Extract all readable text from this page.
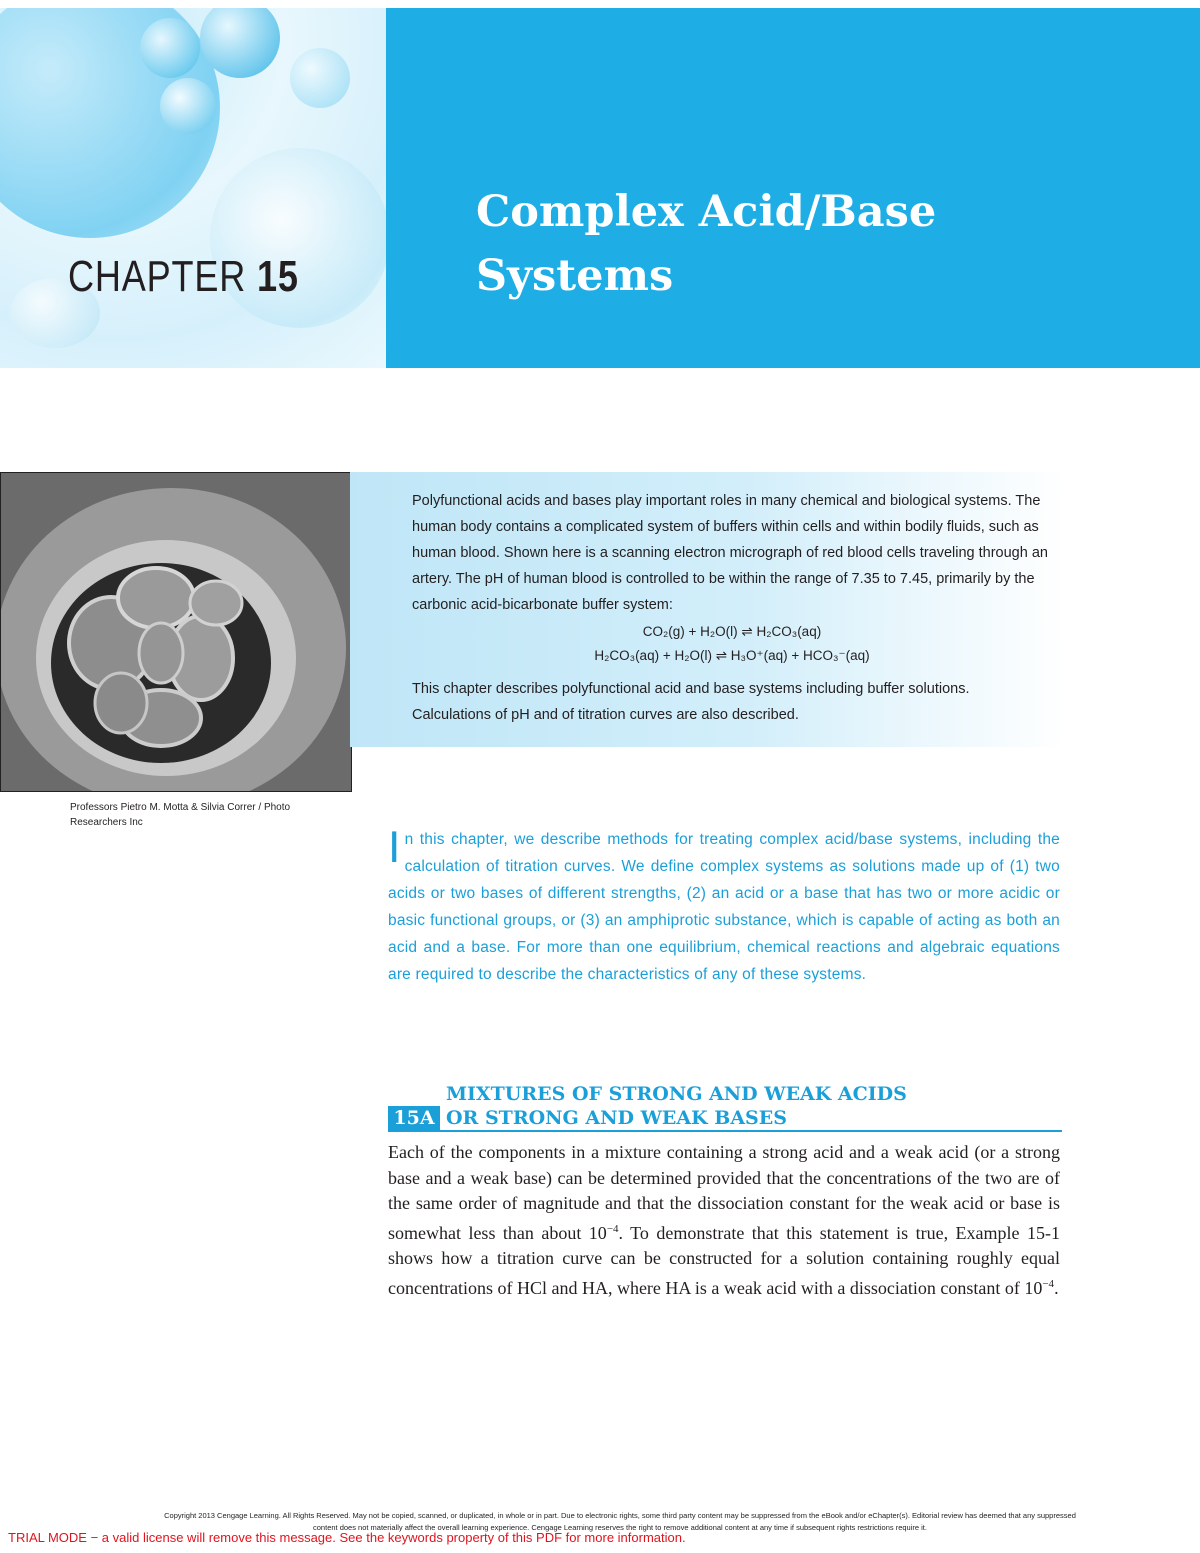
CHAPTER 15
Complex Acid/Base
Systems
Professors Pietro M. Motta & Silvia Correr / Photo Researchers Inc

Polyfunctional acids and bases play important roles in many chemical and biological systems. The human body contains a complicated system of buffers within cells and within bodily fluids, such as human blood. Shown here is a scanning electron micrograph of red blood cells traveling through an artery. The pH of human blood is controlled to be within the range of 7.35 to 7.45, primarily by the carbonic acid-bicarbonate buffer system:

CO₂(g) + H₂O(l) ⇌ H₂CO₃(aq)
H₂CO₃(aq) + H₂O(l) ⇌ H₃O⁺(aq) + HCO₃⁻(aq)

This chapter describes polyfunctional acid and base systems including buffer solutions. Calculations of pH and of titration curves are also described.

I n this chapter, we describe methods for treating complex acid/base systems, including the calculation of titration curves. We define complex systems as solutions made up of (1) two acids or two bases of different strengths, (2) an acid or a base that has two or more acidic or basic functional groups, or (3) an amphiprotic substance, which is capable of acting as both an acid and a base. For more than one equilibrium, chemical reactions and algebraic equations are required to describe the characteristics of any of these systems.
MIXTURES OF STRONG AND WEAK ACIDS
OR STRONG AND WEAK BASES
15A
Each of the components in a mixture containing a strong acid and a weak acid (or a strong base and a weak base) can be determined provided that the concentrations of the two are of the same order of magnitude and that the dissociation constant for the weak acid or base is somewhat less than about $10^{-4}$. To demonstrate that this statement is true, Example 15-1 shows how a titration curve can be constructed for a solution containing roughly equal concentrations of HCl and HA, where HA is a weak acid with a dissociation constant of $10^{-4}$.
Copyright 2013 Cengage Learning. All Rights Reserved. May not be copied, scanned, or duplicated, in whole or in part. Due to electronic rights, some third party content may be suppressed from the eBook and/or eChapter(s). Editorial review has deemed that any suppressed content does not materially affect the overall learning experience. Cengage Learning reserves the right to remove additional content at any time if subsequent rights restrictions require it.
TRIAL MODE − a valid license will remove this message. See the keywords property of this PDF for more information.
